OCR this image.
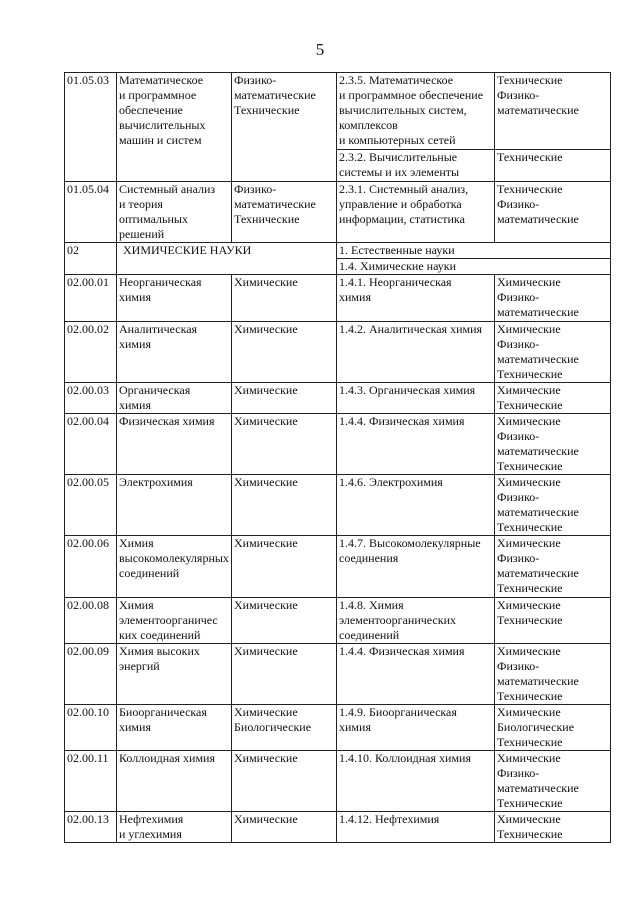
5
01.05.03	Математическое
и программное
обеспечение
вычислительных
машин и систем	Физико-
математические
Технические	2.3.5. Математическое
и программное обеспечение
вычислительных систем,
комплексов
и компьютерных сетей	Технические
Физико-
математические
			2.3.2. Вычислительные
системы и их элементы	Технические
01.05.04	Системный анализ
и теория
оптимальных
решений	Физико-
математические
Технические	2.3.1. Системный анализ,
управление и обработка
информации, статистика	Технические
Физико-
математические
02	ХИМИЧЕСКИЕ НАУКИ		1. Естественные науки	
			1.4. Химические науки	
02.00.01	Неорганическая
химия	Химические	1.4.1. Неорганическая
химия	Химические
Физико-
математические
02.00.02	Аналитическая
химия	Химические	1.4.2. Аналитическая химия	Химические
Физико-
математические
Технические
02.00.03	Органическая
химия	Химические	1.4.3. Органическая химия	Химические
Технические
02.00.04	Физическая химия	Химические	1.4.4. Физическая химия	Химические
Физико-
математические
Технические
02.00.05	Электрохимия	Химические	1.4.6. Электрохимия	Химические
Физико-
математические
Технические
02.00.06	Химия
высокомолекулярных
соединений	Химические	1.4.7. Высокомолекулярные
соединения	Химические
Физико-
математические
Технические
02.00.08	Химия
элементоорганичес
ких соединений	Химические	1.4.8. Химия
элементоорганических
соединений	Химические
Технические
02.00.09	Химия высоких
энергий	Химические	1.4.4. Физическая химия	Химические
Физико-
математические
Технические
02.00.10	Биоорганическая
химия	Химические
Биологические	1.4.9. Биоорганическая
химия	Химические
Биологические
Технические
02.00.11	Коллоидная химия	Химические	1.4.10. Коллоидная химия	Химические
Физико-
математические
Технические
02.00.13	Нефтехимия
и углехимия	Химические	1.4.12. Нефтехимия	Химические
Технические
